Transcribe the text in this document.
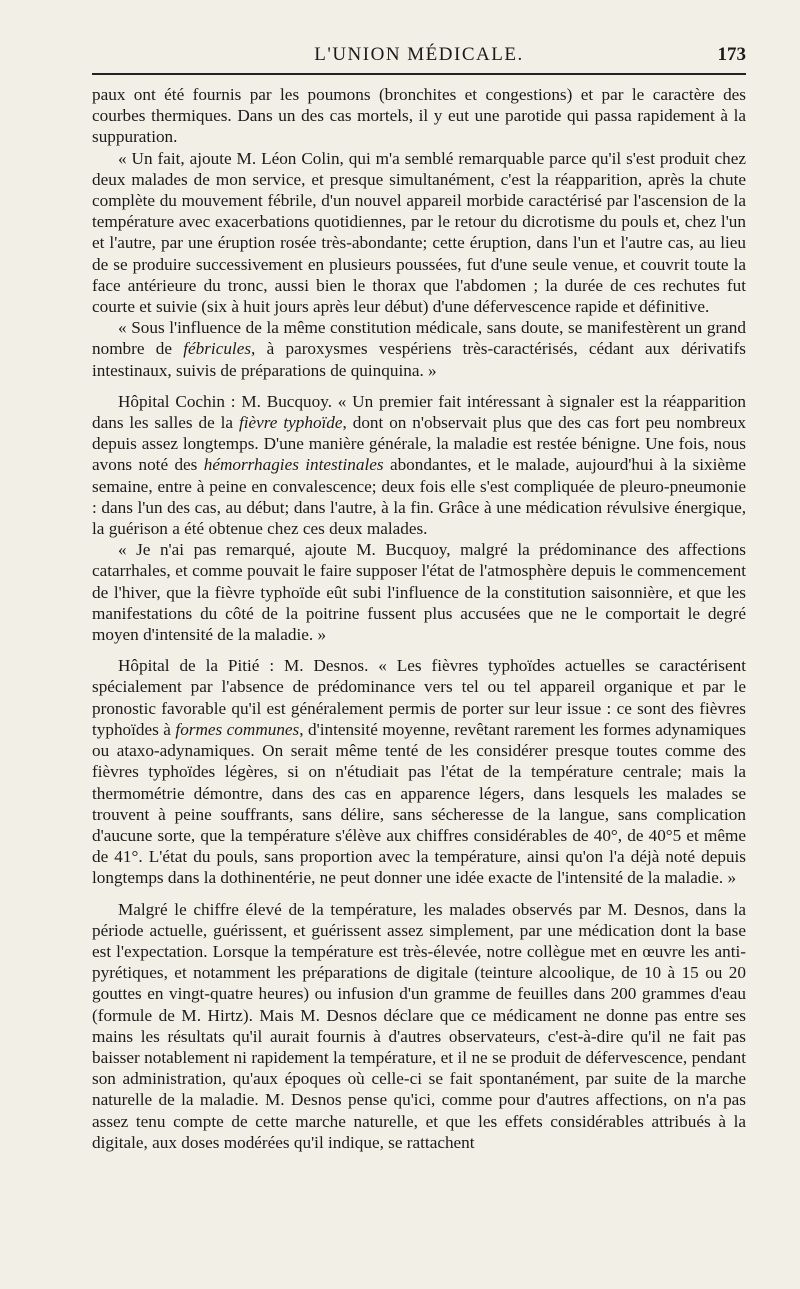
L'UNION MÉDICALE.	173

paux ont été fournis par les poumons (bronchites et congestions) et par le caractère des courbes thermiques. Dans un des cas mortels, il y eut une parotide qui passa rapidement à la suppuration.

« Un fait, ajoute M. Léon Colin, qui m'a semblé remarquable parce qu'il s'est produit chez deux malades de mon service, et presque simultanément, c'est la réapparition, après la chute complète du mouvement fébrile, d'un nouvel appareil morbide caractérisé par l'ascension de la température avec exacerbations quotidiennes, par le retour du dicrotisme du pouls et, chez l'un et l'autre, par une éruption rosée très-abondante; cette éruption, dans l'un et l'autre cas, au lieu de se produire successivement en plusieurs poussées, fut d'une seule venue, et couvrit toute la face antérieure du tronc, aussi bien le thorax que l'abdomen ; la durée de ces rechutes fut courte et suivie (six à huit jours après leur début) d'une défervescence rapide et définitive.

« Sous l'influence de la même constitution médicale, sans doute, se manifestèrent un grand nombre de fébricules, à paroxysmes vespériens très-caractérisés, cédant aux dérivatifs intestinaux, suivis de préparations de quinquina. »

Hôpital Cochin : M. Bucquoy. « Un premier fait intéressant à signaler est la réapparition dans les salles de la fièvre typhoïde, dont on n'observait plus que des cas fort peu nombreux depuis assez longtemps. D'une manière générale, la maladie est restée bénigne. Une fois, nous avons noté des hémorrhagies intestinales abondantes, et le malade, aujourd'hui à la sixième semaine, entre à peine en convalescence; deux fois elle s'est compliquée de pleuro-pneumonie : dans l'un des cas, au début; dans l'autre, à la fin. Grâce à une médication révulsive énergique, la guérison a été obtenue chez ces deux malades.

« Je n'ai pas remarqué, ajoute M. Bucquoy, malgré la prédominance des affections catarrhales, et comme pouvait le faire supposer l'état de l'atmosphère depuis le commencement de l'hiver, que la fièvre typhoïde eût subi l'influence de la constitution saisonnière, et que les manifestations du côté de la poitrine fussent plus accusées que ne le comportait le degré moyen d'intensité de la maladie. »

Hôpital de la Pitié : M. Desnos. « Les fièvres typhoïdes actuelles se caractérisent spécialement par l'absence de prédominance vers tel ou tel appareil organique et par le pronostic favorable qu'il est généralement permis de porter sur leur issue : ce sont des fièvres typhoïdes à formes communes, d'intensité moyenne, revêtant rarement les formes adynamiques ou ataxo-adynamiques. On serait même tenté de les considérer presque toutes comme des fièvres typhoïdes légères, si on n'étudiait pas l'état de la température centrale; mais la thermométrie démontre, dans des cas en apparence légers, dans lesquels les malades se trouvent à peine souffrants, sans délire, sans sécheresse de la langue, sans complication d'aucune sorte, que la température s'élève aux chiffres considérables de 40°, de 40°5 et même de 41°. L'état du pouls, sans proportion avec la température, ainsi qu'on l'a déjà noté depuis longtemps dans la dothinentérie, ne peut donner une idée exacte de l'intensité de la maladie. »

Malgré le chiffre élevé de la température, les malades observés par M. Desnos, dans la période actuelle, guérissent, et guérissent assez simplement, par une médication dont la base est l'expectation. Lorsque la température est très-élevée, notre collègue met en œuvre les anti-pyrétiques, et notamment les préparations de digitale (teinture alcoolique, de 10 à 15 ou 20 gouttes en vingt-quatre heures) ou infusion d'un gramme de feuilles dans 200 grammes d'eau (formule de M. Hirtz). Mais M. Desnos déclare que ce médicament ne donne pas entre ses mains les résultats qu'il aurait fournis à d'autres observateurs, c'est-à-dire qu'il ne fait pas baisser notablement ni rapidement la température, et il ne se produit de défervescence, pendant son administration, qu'aux époques où celle-ci se fait spontanément, par suite de la marche naturelle de la maladie. M. Desnos pense qu'ici, comme pour d'autres affections, on n'a pas assez tenu compte de cette marche naturelle, et que les effets considérables attribués à la digitale, aux doses modérées qu'il indique, se rattachent
